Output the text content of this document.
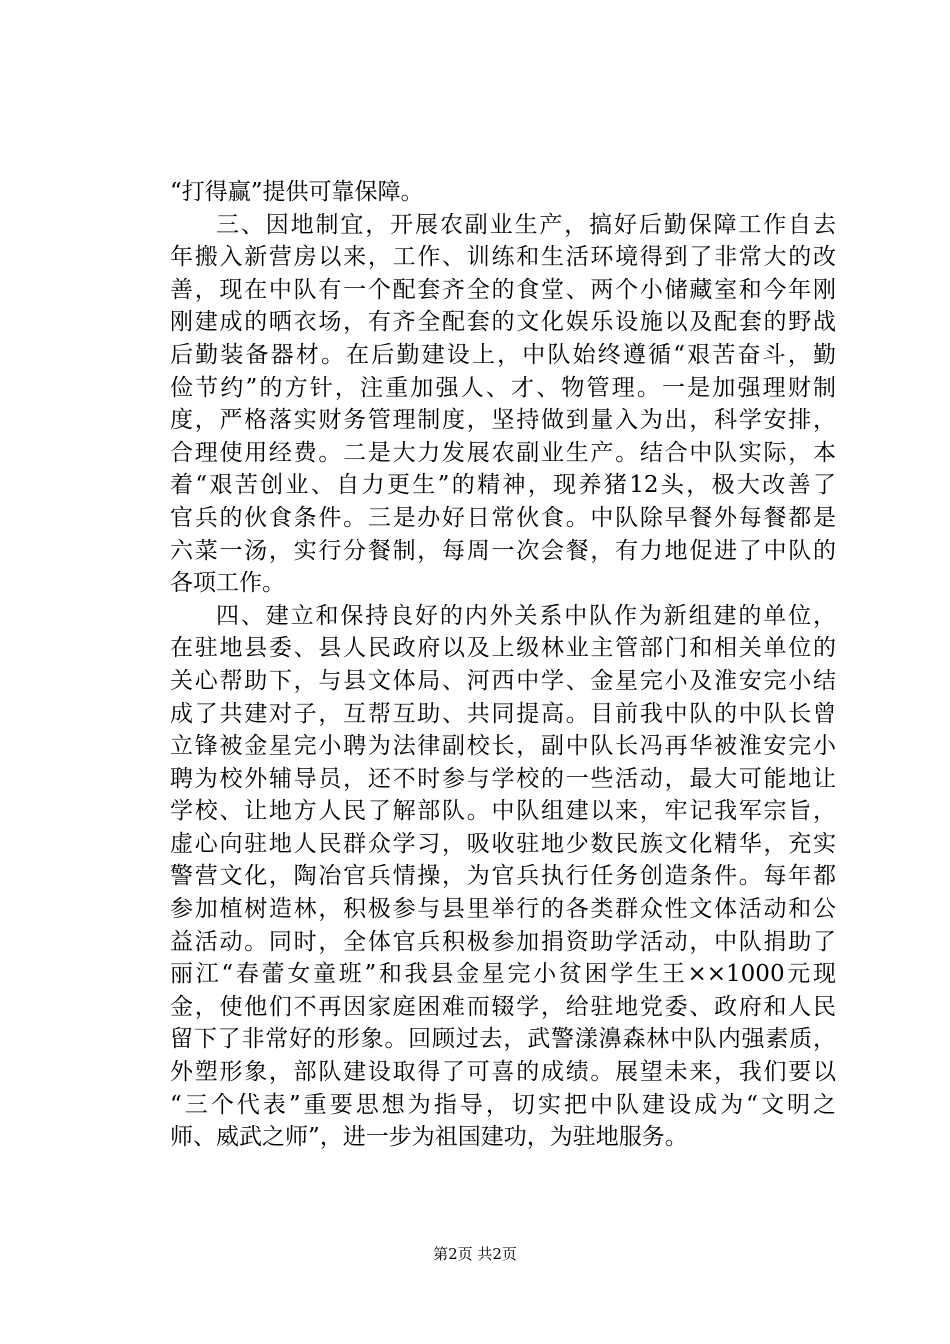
“打得赢”提供可靠保障。
三、因地制宜，开展农副业生产，搞好后勤保障工作自去
年搬入新营房以来，工作、训练和生活环境得到了非常大的改
善，现在中队有一个配套齐全的食堂、两个小储藏室和今年刚
刚建成的晒衣场，有齐全配套的文化娱乐设施以及配套的野战
后勤装备器材。在后勤建设上，中队始终遵循“艰苦奋斗，勤
俭节约”的方针，注重加强人、才、物管理。一是加强理财制
度，严格落实财务管理制度，坚持做到量入为出，科学安排，
合理使用经费。二是大力发展农副业生产。结合中队实际，本
着“艰苦创业、自力更生”的精神，现养猪12头，极大改善了
官兵的伙食条件。三是办好日常伙食。中队除早餐外每餐都是
六菜一汤，实行分餐制，每周一次会餐，有力地促进了中队的
各项工作。
四、建立和保持良好的内外关系中队作为新组建的单位，
在驻地县委、县人民政府以及上级林业主管部门和相关单位的
关心帮助下，与县文体局、河西中学、金星完小及淮安完小结
成了共建对子，互帮互助、共同提高。目前我中队的中队长曾
立锋被金星完小聘为法律副校长，副中队长冯再华被淮安完小
聘为校外辅导员，还不时参与学校的一些活动，最大可能地让
学校、让地方人民了解部队。中队组建以来，牢记我军宗旨，
虚心向驻地人民群众学习，吸收驻地少数民族文化精华，充实
警营文化，陶冶官兵情操，为官兵执行任务创造条件。每年都
参加植树造林，积极参与县里举行的各类群众性文体活动和公
益活动。同时，全体官兵积极参加捐资助学活动，中队捐助了
丽江“春蕾女童班”和我县金星完小贫困学生王××1000元现
金，使他们不再因家庭困难而辍学，给驻地党委、政府和人民
留下了非常好的形象。回顾过去，武警漾濞森林中队内强素质，
外塑形象，部队建设取得了可喜的成绩。展望未来，我们要以
“三个代表”重要思想为指导，切实把中队建设成为“文明之
师、威武之师”，进一步为祖国建功，为驻地服务。
第2页 共2页
